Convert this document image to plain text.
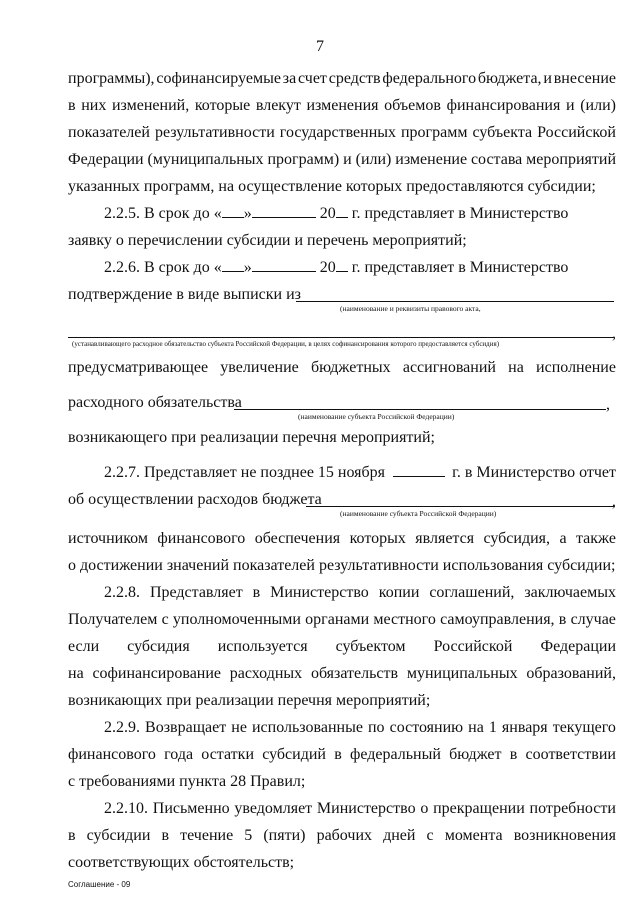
7
программы), софинансируемые за счет средств федерального бюджета, и внесение
в них изменений, которые влекут изменения объемов финансирования и (или)
показателей результативности государственных программ субъекта Российской
Федерации (муниципальных программ) и (или) изменение состава мероприятий
указанных программ, на осуществление которых предоставляются субсидии;
2.2.5. В срок до « »	20 г. представляет в Министерство
заявку о перечислении субсидии и перечень мероприятий;
2.2.6. В срок до « »	20 г. представляет в Министерство
подтверждение в виде выписки из
(наименование и реквизиты правового акта,
,
(устанавливающего расходное обязательство субъекта Российской Федерации, в целях софинансирования которого предоставляется субсидия)
предусматривающее увеличение бюджетных ассигнований на исполнение
расходного обязательства	,
(наименование субъекта Российской Федерации)
возникающего при реализации перечня мероприятий;
2.2.7. Представляет не позднее 15 ноября	г. в Министерство отчет
об осуществлении расходов бюджета	,
(наименование субъекта Российской Федерации)
источником финансового обеспечения которых является субсидия, а также
о достижении значений показателей результативности использования субсидии;
2.2.8. Представляет в Министерство копии соглашений, заключаемых
Получателем с уполномоченными органами местного самоуправления, в случае
если субсидия используется субъектом Российской Федерации
на софинансирование расходных обязательств муниципальных образований,
возникающих при реализации перечня мероприятий;
2.2.9. Возвращает не использованные по состоянию на 1 января текущего
финансового года остатки субсидий в федеральный бюджет в соответствии
с требованиями пункта 28 Правил;
2.2.10. Письменно уведомляет Министерство о прекращении потребности
в субсидии в течение 5 (пяти) рабочих дней с момента возникновения
соответствующих обстоятельств;
Соглашение - 09
